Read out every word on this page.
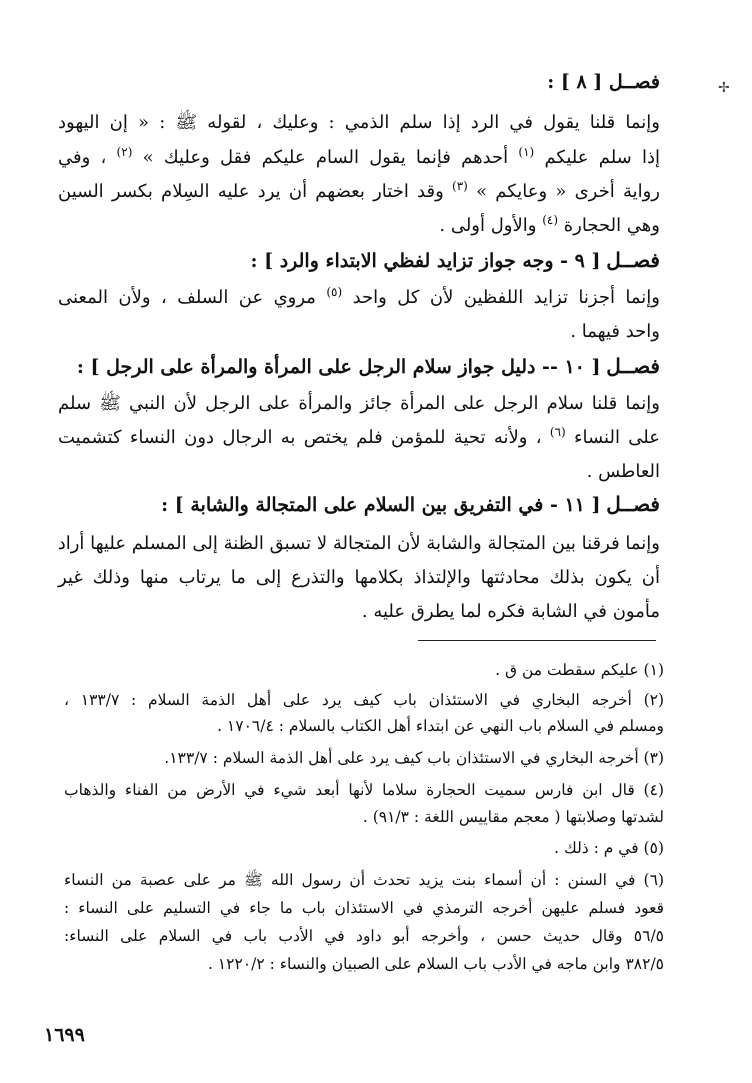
✢
فصــل [ ٨ ] :
وإنما قلنا يقول في الرد إذا سلم الذمي : وعليك ، لقوله ﷺ : « إن اليهود
إذا سلم عليكم $^{(١)}$ أحدهم فإنما يقول السام عليكم فقل وعليك » $^{(٢)}$ ، وفي
رواية أخرى « وعايكم » $^{(٣)}$ وقد اختار بعضهم أن يرد عليه السِلام بكسر السين
وهي الحجارة $^{(٤)}$ والأول أولى .
فصــل [ ٩ - وجه جواز تزايد لفظي الابتداء والرد ] :
وإنما أجزنا تزايد اللفظين لأن كل واحد $^{(٥)}$ مروي عن السلف ، ولأن المعنى
واحد فيهما .
فصــل [ ١٠ -- دليل جواز سلام الرجل على المرأة والمرأة على الرجل ] :
وإنما قلنا سلام الرجل على المرأة جائز والمرأة على الرجل لأن النبي ﷺ سلم
على النساء $^{(٦)}$ ، ولأنه تحية للمؤمن فلم يختص به الرجال دون النساء كتشميت
العاطس .
فصــل [ ١١ - في التفريق بين السلام على المتجالة والشابة ] :
وإنما فرقنا بين المتجالة والشابة لأن المتجالة لا تسبق الظنة إلى المسلم عليها أراد
أن يكون بذلك محادثتها والإلتذاذ بكلامها والتذرع إلى ما يرتاب منها وذلك غير
مأمون في الشابة فكره لما يطرق عليه .
(١) عليكم سقطت من ق .
(٢) أخرجه البخاري في الاستئذان باب كيف يرد على أهل الذمة السلام : ١٣٣/٧ ،
ومسلم في السلام باب النهي عن ابتداء أهل الكتاب بالسلام : ١٧٠٦/٤ .
(٣) أخرجه البخاري في الاستئذان باب كيف يرد على أهل الذمة السلام : ١٣٣/٧.
(٤) قال ابن فارس سميت الحجارة سلاما لأنها أبعد شيء في الأرض من الفناء والذهاب
لشدتها وصلابتها ( معجم مقاييس اللغة : ٩١/٣) .
(٥) في م : ذلك .
(٦) في السنن : أن أسماء بنت يزيد تحدث أن رسول الله ﷺ مر على عصبة من النساء
قعود فسلم عليهن أخرجه الترمذي في الاستئذان باب ما جاء في التسليم على النساء :
٥٦/٥ وقال حديث حسن ، وأخرجه أبو داود في الأدب باب في السلام على النساء:
٣٨٢/٥ وابن ماجه في الأدب باب السلام على الصبيان والنساء : ١٢٢٠/٢ .
١٦٩٩
